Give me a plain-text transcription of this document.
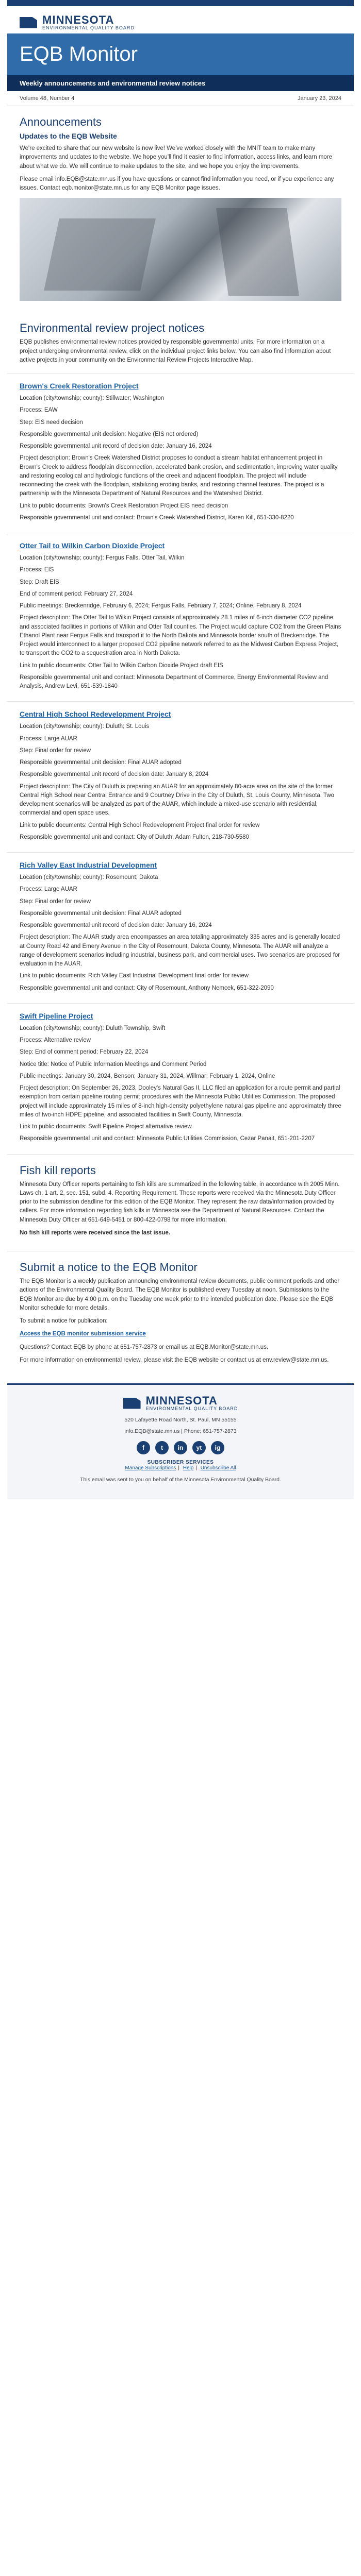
MINNESOTA
ENVIRONMENTAL QUALITY BOARD
EQB Monitor
Weekly announcements and environmental review notices
Volume 48, Number 4	January 23, 2024
Announcements
Updates to the EQB Website

We're excited to share that our new website is now live! We've worked closely with the MNIT team to make many improvements and updates to the website. We hope you'll find it easier to find information, access links, and learn more about what we do. We will continue to make updates to the site, and we hope you enjoy the improvements.

Please email info.EQB@state.mn.us if you have questions or cannot find information you need, or if you experience any issues. Contact eqb.monitor@state.mn.us for any EQB Monitor page issues.

Environmental review project notices

EQB publishes environmental review notices provided by responsible governmental units. For more information on a project undergoing environmental review, click on the individual project links below. You can also find information about active projects in your community on the Environmental Review Projects Interactive Map.

Brown's Creek Restoration Project
Location (city/township; county): Stillwater; Washington
Process: EAW
Step: EIS need decision
Responsible governmental unit decision: Negative (EIS not ordered)
Responsible governmental unit record of decision date: January 16, 2024
Project description: Brown's Creek Watershed District proposes to conduct a stream habitat enhancement project in Brown's Creek to address floodplain disconnection, accelerated bank erosion, and sedimentation, improving water quality and restoring ecological and hydrologic functions of the creek and adjacent floodplain. The project will include reconnecting the creek with the floodplain, stabilizing eroding banks, and restoring channel features. The project is a partnership with the Minnesota Department of Natural Resources and the Watershed District.
Link to public documents: Brown's Creek Restoration Project EIS need decision
Responsible governmental unit and contact: Brown's Creek Watershed District, Karen Kill, 651-330-8220
Otter Tail to Wilkin Carbon Dioxide Project
Location (city/township; county): Fergus Falls, Otter Tail, Wilkin
Process: EIS
Step: Draft EIS
End of comment period: February 27, 2024
Public meetings: Breckenridge, February 6, 2024; Fergus Falls, February 7, 2024; Online, February 8, 2024
Project description: The Otter Tail to Wilkin Project consists of approximately 28.1 miles of 6-inch diameter CO2 pipeline and associated facilities in portions of Wilkin and Otter Tail counties. The Project would capture CO2 from the Green Plains Ethanol Plant near Fergus Falls and transport it to the North Dakota and Minnesota border south of Breckenridge. The Project would interconnect to a larger proposed CO2 pipeline network referred to as the Midwest Carbon Express Project, to transport the CO2 to a sequestration area in North Dakota.
Link to public documents: Otter Tail to Wilkin Carbon Dioxide Project draft EIS
Responsible governmental unit and contact: Minnesota Department of Commerce, Energy Environmental Review and Analysis, Andrew Levi, 651-539-1840
Central High School Redevelopment Project
Location (city/township; county): Duluth; St. Louis
Process: Large AUAR
Step: Final order for review
Responsible governmental unit decision: Final AUAR adopted
Responsible governmental unit record of decision date: January 8, 2024
Project description: The City of Duluth is preparing an AUAR for an approximately 80-acre area on the site of the former Central High School near Central Entrance and 9 Courtney Drive in the City of Duluth, St. Louis County, Minnesota. Two development scenarios will be analyzed as part of the AUAR, which include a mixed-use scenario with residential, commercial and open space uses.
Link to public documents: Central High School Redevelopment Project final order for review
Responsible governmental unit and contact: City of Duluth, Adam Fulton, 218-730-5580
Rich Valley East Industrial Development
Location (city/township; county): Rosemount; Dakota
Process: Large AUAR
Step: Final order for review
Responsible governmental unit decision: Final AUAR adopted
Responsible governmental unit record of decision date: January 16, 2024
Project description: The AUAR study area encompasses an area totaling approximately 335 acres and is generally located at County Road 42 and Emery Avenue in the City of Rosemount, Dakota County, Minnesota. The AUAR will analyze a range of development scenarios including industrial, business park, and commercial uses. Two scenarios are proposed for evaluation in the AUAR.
Link to public documents: Rich Valley East Industrial Development final order for review
Responsible governmental unit and contact: City of Rosemount, Anthony Nemcek, 651-322-2090
Swift Pipeline Project
Location (city/township; county): Duluth Township, Swift
Process: Alternative review
Step: End of comment period: February 22, 2024
Notice title: Notice of Public Information Meetings and Comment Period
Public meetings: January 30, 2024, Benson; January 31, 2024, Willmar; February 1, 2024, Online
Project description: On September 26, 2023, Dooley's Natural Gas II, LLC filed an application for a route permit and partial exemption from certain pipeline routing permit procedures with the Minnesota Public Utilities Commission. The proposed project will include approximately 15 miles of 8-inch high-density polyethylene natural gas pipeline and approximately three miles of two-inch HDPE pipeline, and associated facilities in Swift County, Minnesota.
Link to public documents: Swift Pipeline Project alternative review
Responsible governmental unit and contact: Minnesota Public Utilities Commission, Cezar Panait, 651-201-2207
Fish kill reports

Minnesota Duty Officer reports pertaining to fish kills are summarized in the following table, in accordance with 2005 Minn. Laws ch. 1 art. 2, sec. 151, subd. 4. Reporting Requirement. These reports were received via the Minnesota Duty Officer prior to the submission deadline for this edition of the EQB Monitor. They represent the raw data/information provided by callers. For more information regarding fish kills in Minnesota see the Department of Natural Resources. Contact the Minnesota Duty Officer at 651-649-5451 or 800-422-0798 for more information.

No fish kill reports were received since the last issue.

Submit a notice to the EQB Monitor

The EQB Monitor is a weekly publication announcing environmental review documents, public comment periods and other actions of the Environmental Quality Board. The EQB Monitor is published every Tuesday at noon. Submissions to the EQB Monitor are due by 4:00 p.m. on the Tuesday one week prior to the intended publication date. Please see the EQB Monitor schedule for more details.

To submit a notice for publication:

Access the EQB monitor submission service

Questions? Contact EQB by phone at 651-757-2873 or email us at EQB.Monitor@state.mn.us.

For more information on environmental review, please visit the EQB website or contact us at env.review@state.mn.us.

MINNESOTA
ENVIRONMENTAL QUALITY BOARD

520 Lafayette Road North, St. Paul, MN 55155

info.EQB@state.mn.us | Phone: 651-757-2873

f	t	in	yt	ig
SUBSCRIBER SERVICES
Manage Subscriptions | Help | Unsubscribe All

This email was sent to you on behalf of the Minnesota Environmental Quality Board.
